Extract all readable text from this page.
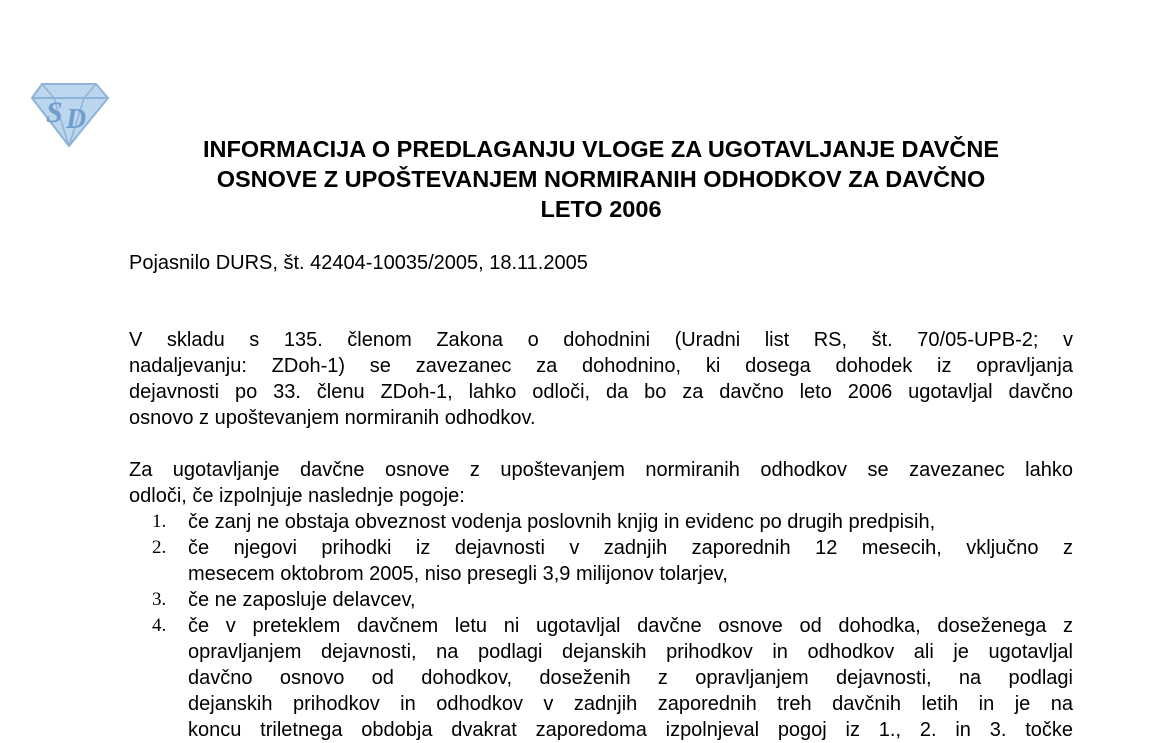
S D
INFORMACIJA O PREDLAGANJU VLOGE ZA UGOTAVLJANJE DAVČNE
OSNOVE Z UPOŠTEVANJEM NORMIRANIH ODHODKOV ZA DAVČNO
LETO 2006

Pojasnilo DURS, št. 42404-10035/2005, 18.11.2005

V skladu s 135. členom Zakona o dohodnini (Uradni list RS, št. 70/05-UPB-2; v
nadaljevanju: ZDoh-1) se zavezanec za dohodnino, ki dosega dohodek iz opravljanja
dejavnosti po 33. členu ZDoh-1, lahko odloči, da bo za davčno leto 2006 ugotavljal davčno
osnovo z upoštevanjem normiranih odhodkov.
Za ugotavljanje davčne osnove z upoštevanjem normiranih odhodkov se zavezanec lahko
odloči, če izpolnjuje naslednje pogoje:
1. če zanj ne obstaja obveznost vodenja poslovnih knjig in evidenc po drugih predpisih,
2. če njegovi prihodki iz dejavnosti v zadnjih zaporednih 12 mesecih, vključno z
mesecem oktobrom 2005, niso presegli 3,9 milijonov tolarjev,
3. če ne zaposluje delavcev,
4. če v preteklem davčnem letu ni ugotavljal davčne osnove od dohodka, doseženega z
opravljanjem dejavnosti, na podlagi dejanskih prihodkov in odhodkov ali je ugotavljal
davčno osnovo od dohodkov, doseženih z opravljanjem dejavnosti, na podlagi
dejanskih prihodkov in odhodkov v zadnjih zaporednih treh davčnih letih in je na
koncu triletnega obdobja dvakrat zaporedoma izpolnjeval pogoj iz 1., 2. in 3. točke
